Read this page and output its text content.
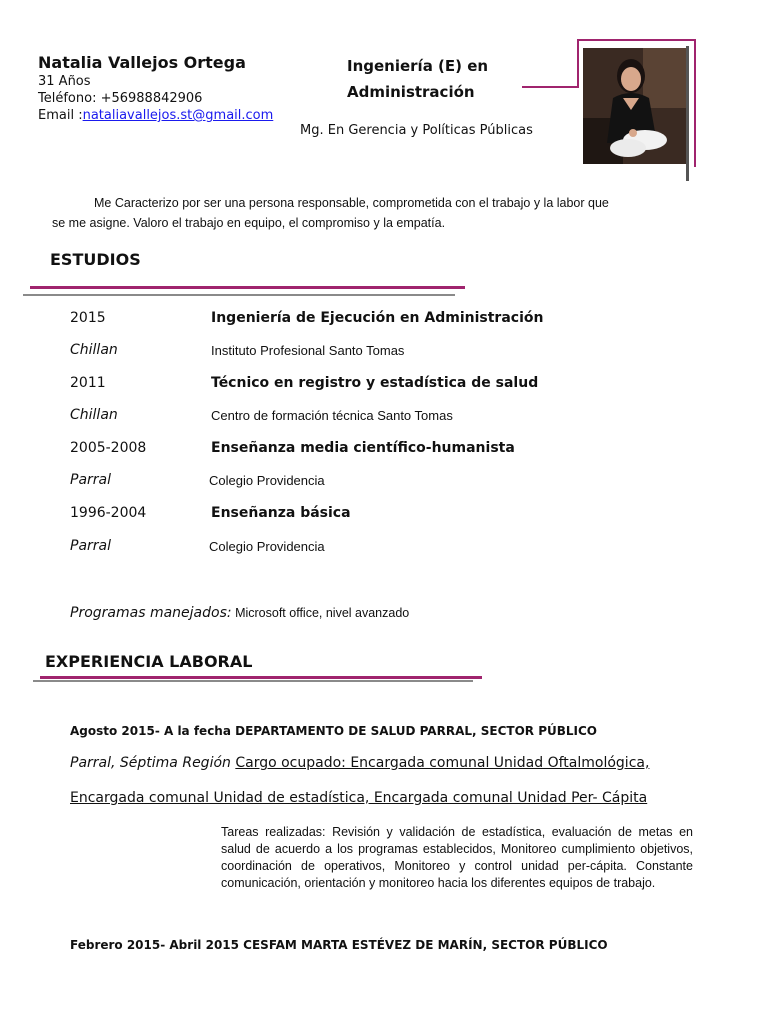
Natalia Vallejos Ortega
31 Años
Teléfono: +56988842906
Email :nataliavallejos.st@gmail.com
Ingeniería (E) en Administración
Mg. En Gerencia y Políticas Públicas
Me Caracterizo por ser una persona responsable, comprometida con el trabajo y la labor que
se me asigne. Valoro el trabajo en equipo, el compromiso y la empatía.
ESTUDIOS
2015	Ingeniería de Ejecución en Administración
Chillan	Instituto Profesional Santo Tomas
2011	Técnico en registro y estadística de salud
Chillan	Centro de formación técnica Santo Tomas
2005-2008	Enseñanza media científico-humanista
Parral	Colegio Providencia
1996-2004	Enseñanza básica
Parral	Colegio Providencia
Programas manejados: Microsoft office, nivel avanzado
EXPERIENCIA LABORAL
Agosto 2015- A la fecha DEPARTAMENTO DE SALUD PARRAL, SECTOR PÚBLICO
Parral, Séptima Región Cargo ocupado: Encargada comunal Unidad Oftalmológica,
Encargada comunal Unidad de estadística, Encargada comunal Unidad Per- Cápita
Tareas realizadas: Revisión y validación de estadística, evaluación de metas en salud de acuerdo a los programas establecidos, Monitoreo cumplimiento objetivos, coordinación de operativos, Monitoreo y control unidad per-cápita. Constante comunicación, orientación y monitoreo hacia los diferentes equipos de trabajo.
Febrero 2015- Abril 2015 CESFAM MARTA ESTÉVEZ DE MARÍN, SECTOR PÚBLICO
